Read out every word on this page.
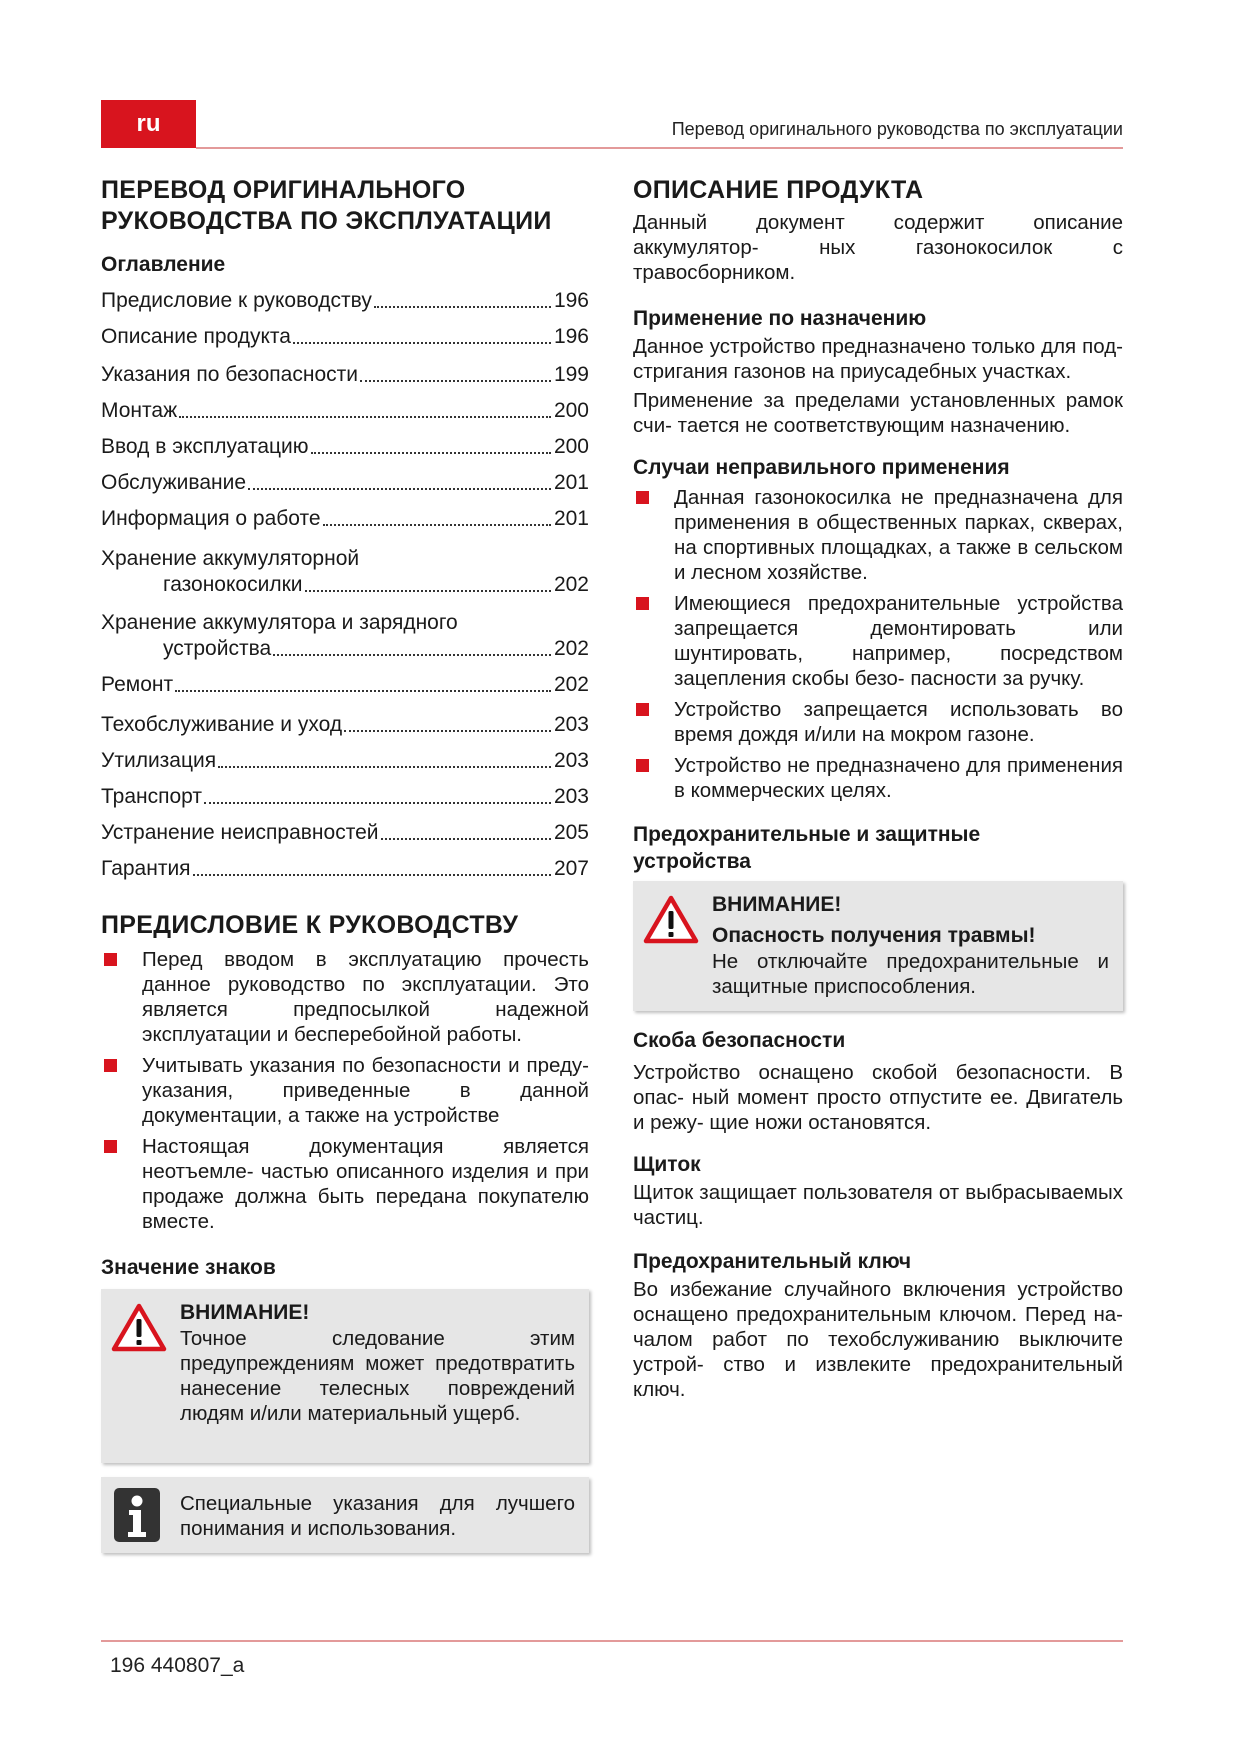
ru	Перевод оригинального руководства по эксплуатации
ПЕРЕВОД ОРИГИНАЛЬНОГО
РУКОВОДСТВА ПО ЭКСПЛУАТАЦИИ
Оглавление
Предисловие к руководству	196
Описание продукта	196
Указания по безопасности	199
Монтаж	200
Ввод в эксплуатацию	200
Обслуживание	201
Информация о работе	201
Хранение аккумуляторной
газонокосилки	202
Хранение аккумулятора и зарядного
устройства	202
Ремонт	202
Техобслуживание и уход	203
Утилизация	203
Транспорт	203
Устранение неисправностей	205
Гарантия	207
ПРЕДИСЛОВИЕ К РУКОВОДСТВУ
Перед вводом в эксплуатацию прочесть данное руководство по эксплуатации. Это является предпосылкой надежной эксплуатации и бесперебойной работы.
Учитывать указания по безопасности и преду- указания, приведенные в данной документации, а также на устройстве
Настоящая документация является неотъемле- частью описанного изделия и при продаже должна быть передана покупателю вместе.
Значение знаков
ВНИМАНИЕ!

Точное следование этим предупреждениям может предотвратить нанесение телесных повреждений людям и/или материальный ущерб.

Специальные указания для лучшего понимания и использования.

ОПИСАНИЕ ПРОДУКТА

Данный документ содержит описание аккумулятор- ных газонокосилок с травосборником.

Применение по назначению

Данное устройство предназначено только для под- стригания газонов на приусадебных участках.

Применение за пределами установленных рамок счи- тается не соответствующим назначению.

Случаи неправильного применения
Данная газонокосилка не предназначена для применения в общественных парках, скверах, на спортивных площадках, а также в сельском и лесном хозяйстве.
Имеющиеся предохранительные устройства запрещается демонтировать или шунтировать, например, посредством зацепления скобы безо- пасности за ручку.
Устройство запрещается использовать во время дождя и/или на мокром газоне.
Устройство не предназначено для применения в коммерческих целях.
Предохранительные и защитные
устройства
ВНИМАНИЕ!
Опасность получения травмы!

Не отключайте предохранительные и защитные приспособления.

Скоба безопасности

Устройство оснащено скобой безопасности. В опас- ный момент просто отпустите ее. Двигатель и режу- щие ножи остановятся.

Щиток

Щиток защищает пользователя от выбрасываемых частиц.

Предохранительный ключ

Во избежание случайного включения устройство оснащено предохранительным ключом. Перед на- чалом работ по техобслуживанию выключите устрой- ство и извлеките предохранительный ключ.

196 440807_a
